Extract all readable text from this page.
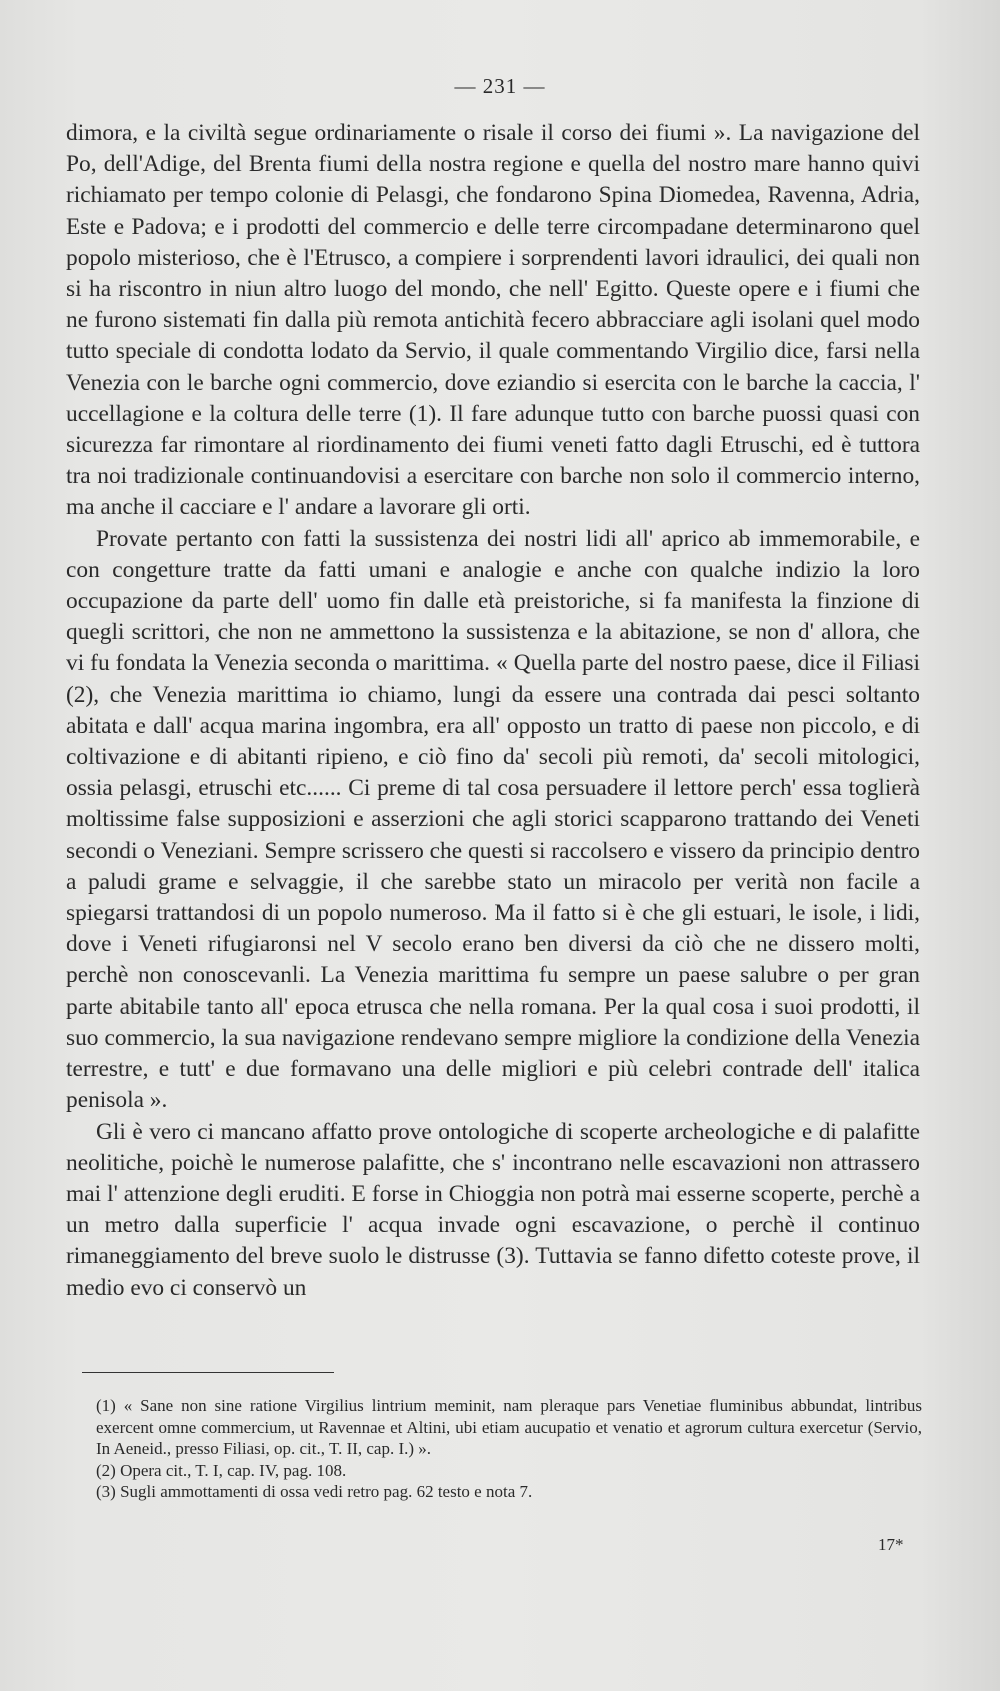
— 231 —

dimora, e la civiltà segue ordinariamente o risale il corso dei fiumi ». La navigazione del Po, dell'Adige, del Brenta fiumi della nostra regione e quella del nostro mare hanno quivi richiamato per tempo colonie di Pelasgi, che fondarono Spina Diomedea, Ravenna, Adria, Este e Padova; e i prodotti del commercio e delle terre circompadane determinarono quel popolo misterioso, che è l'Etrusco, a compiere i sorprendenti lavori idraulici, dei quali non si ha riscontro in niun altro luogo del mondo, che nell' Egitto. Queste opere e i fiumi che ne furono sistemati fin dalla più remota antichità fecero abbracciare agli isolani quel modo tutto speciale di condotta lodato da Servio, il quale commentando Virgilio dice, farsi nella Venezia con le barche ogni commercio, dove eziandio si esercita con le barche la caccia, l' uccellagione e la coltura delle terre (1). Il fare adunque tutto con barche puossi quasi con sicurezza far rimontare al riordinamento dei fiumi veneti fatto dagli Etruschi, ed è tuttora tra noi tradizionale continuandovisi a esercitare con barche non solo il commercio interno, ma anche il cacciare e l' andare a lavorare gli orti.

Provate pertanto con fatti la sussistenza dei nostri lidi all' aprico ab immemorabile, e con congetture tratte da fatti umani e analogie e anche con qualche indizio la loro occupazione da parte dell' uomo fin dalle età preistoriche, si fa manifesta la finzione di quegli scrittori, che non ne ammettono la sussistenza e la abitazione, se non d' allora, che vi fu fondata la Venezia seconda o marittima. « Quella parte del nostro paese, dice il Filiasi (2), che Venezia marittima io chiamo, lungi da essere una contrada dai pesci soltanto abitata e dall' acqua marina ingombra, era all' opposto un tratto di paese non piccolo, e di coltivazione e di abitanti ripieno, e ciò fino da' secoli più remoti, da' secoli mitologici, ossia pelasgi, etruschi etc...... Ci preme di tal cosa persuadere il lettore perch' essa toglierà moltissime false supposizioni e asserzioni che agli storici scapparono trattando dei Veneti secondi o Veneziani. Sempre scrissero che questi si raccolsero e vissero da principio dentro a paludi grame e selvaggie, il che sarebbe stato un miracolo per verità non facile a spiegarsi trattandosi di un popolo numeroso. Ma il fatto si è che gli estuari, le isole, i lidi, dove i Veneti rifugiaronsi nel V secolo erano ben diversi da ciò che ne dissero molti, perchè non conoscevanli. La Venezia marittima fu sempre un paese salubre o per gran parte abitabile tanto all' epoca etrusca che nella romana. Per la qual cosa i suoi prodotti, il suo commercio, la sua navigazione rendevano sempre migliore la condizione della Venezia terrestre, e tutt' e due formavano una delle migliori e più celebri contrade dell' italica penisola ».

Gli è vero ci mancano affatto prove ontologiche di scoperte archeologiche e di palafitte neolitiche, poichè le numerose palafitte, che s' incontrano nelle escavazioni non attrassero mai l' attenzione degli eruditi. E forse in Chioggia non potrà mai esserne scoperte, perchè a un metro dalla superficie l' acqua invade ogni escavazione, o perchè il continuo rimaneggiamento del breve suolo le distrusse (3). Tuttavia se fanno difetto coteste prove, il medio evo ci conservò un

(1) « Sane non sine ratione Virgilius lintrium meminit, nam pleraque pars Venetiae fluminibus abbundat, lintribus exercent omne commercium, ut Ravennae et Altini, ubi etiam aucupatio et venatio et agrorum cultura exercetur (Servio, In Aeneid., presso Filiasi, op. cit., T. II, cap. I.) ».

(2) Opera cit., T. I, cap. IV, pag. 108.

(3) Sugli ammottamenti di ossa vedi retro pag. 62 testo e nota 7.

17*
